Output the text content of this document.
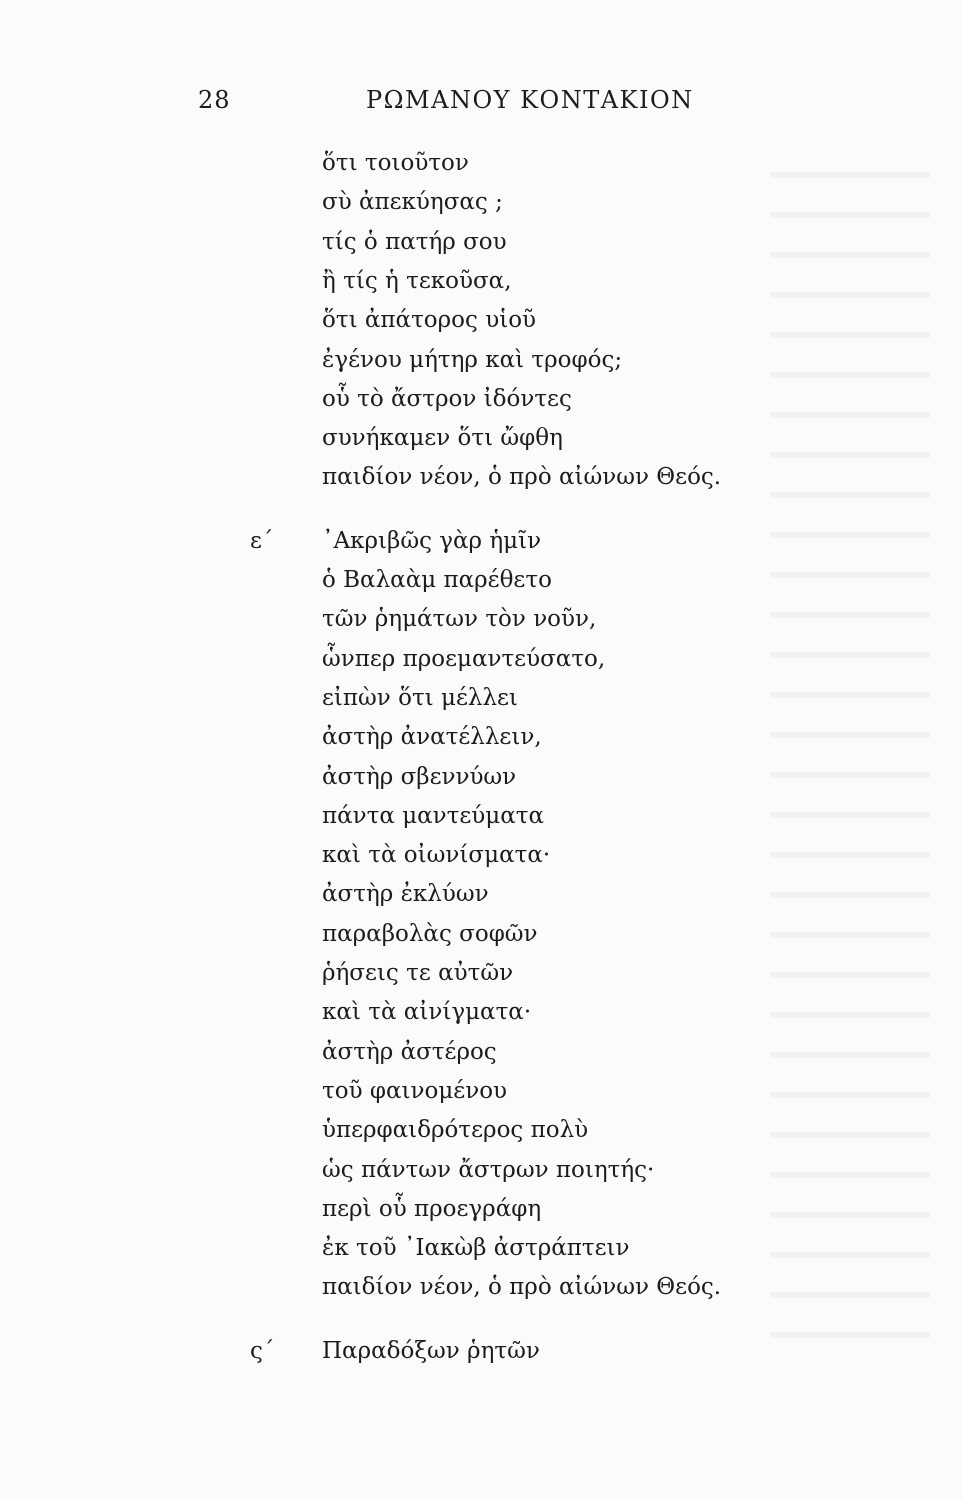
28	ΡΩΜΑΝΟΥ ΚΟΝΤΑΚΙΟΝ
ὅτι τοιοῦτον
σὺ ἀπεκύησας ;
τίς ὁ πατήρ σου
ἢ τίς ἡ τεκοῦσα,
ὅτι ἀπάτορος υἱοῦ
ἐγένου μήτηρ καὶ τροφός;
οὗ τὸ ἄστρον ἰδόντες
συνήκαμεν ὅτι ὤφθη
παιδίον νέον, ὁ πρὸ αἰώνων Θεός.
ε´ ᾿Ακριβῶς γὰρ ἡμῖν
ὁ Βαλαὰμ παρέθετο
τῶν ῥημάτων τὸν νοῦν,
ὧνπερ προεμαντεύσατο,
εἰπὼν ὅτι μέλλει
ἀστὴρ ἀνατέλλειν,
ἀστὴρ σβεννύων
πάντα μαντεύματα
καὶ τὰ οἰωνίσματα·
ἀστὴρ ἐκλύων
παραβολὰς σοφῶν
ῥήσεις τε αὐτῶν
καὶ τὰ αἰνίγματα·
ἀστὴρ ἀστέρος
τοῦ φαινομένου
ὑπερφαιδρότερος πολὺ
ὡς πάντων ἄστρων ποιητής·
περὶ οὗ προεγράφη
ἐκ τοῦ ᾿Ιακὼβ ἀστράπτειν
παιδίον νέον, ὁ πρὸ αἰώνων Θεός.
ς´ Παραδόξων ῥητῶν
